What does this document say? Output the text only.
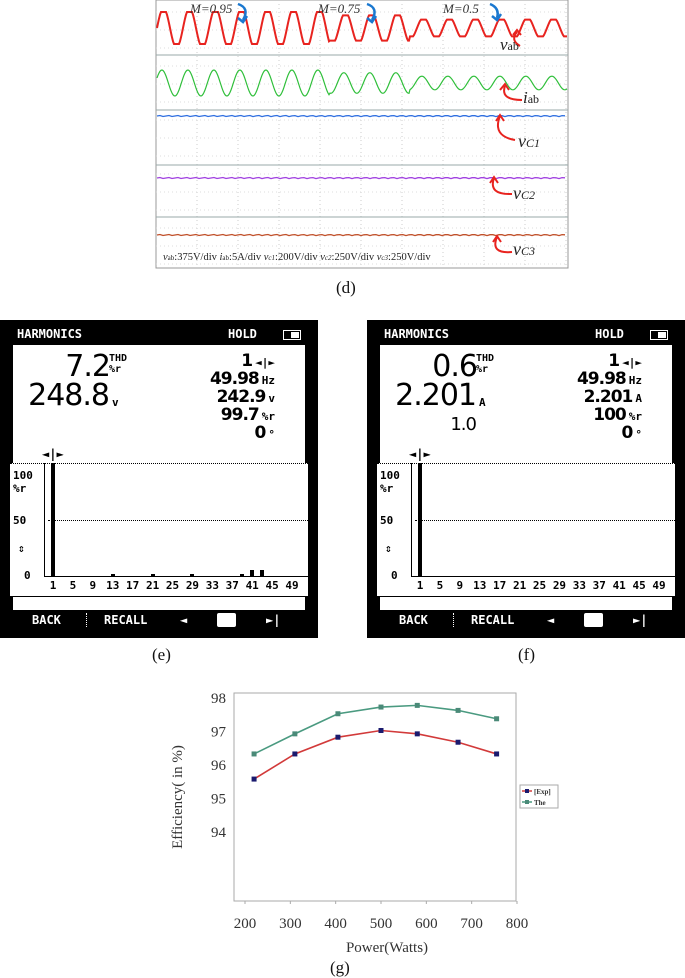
M=0.95	M=0.75	M=0.5
vab
iab
vC1
vC2
vC3
vab:375V/div iab:5A/div vc1:200V/div vc2:250V/div vc3:250V/div
(d)
HARMONICS	HOLD
7.2 THD
%r
248.8 v
1 ◄|►
49.98 Hz
242.9 v
99.7 %r
0 °
◄|►
100
%r
50
⇕
0
1 5 9 13 17 21 25 29 33 37 41 45 49
BACK	RECALL	◄	2	►|
HARMONICS	HOLD
0.6 THD
%r
2.201 A
1.0
1 ◄|►
49.98 Hz
2.201 A
100 %r
0 °
◄|►
100
%r
50
⇕
0
1 5 9 13 17 21 25 29 33 37 41 45 49
BACK	RECALL	◄	3	►|
(e)	(f)
94
95
96
97
98
200 300 400 500 600 700 800
Efficiency( in %)
Power(Watts)
[Exp]
The
(g)
